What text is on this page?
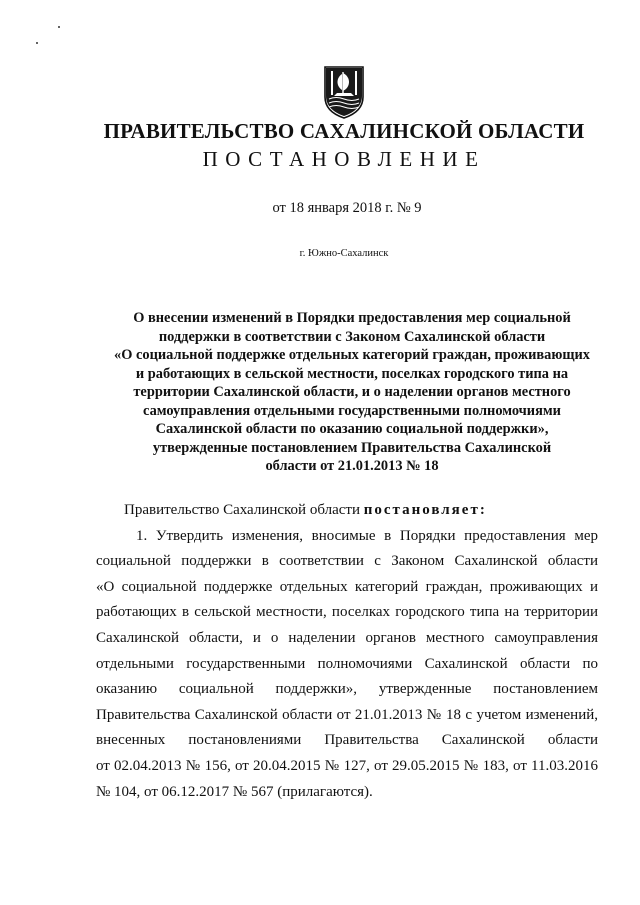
ПРАВИТЕЛЬСТВО САХАЛИНСКОЙ ОБЛАСТИ
ПОСТАНОВЛЕНИЕ
от 18 января 2018 г. № 9
г. Южно-Сахалинск
О внесении изменений в Порядки предоставления мер социальной
поддержки в соответствии с Законом Сахалинской области
«О социальной поддержке отдельных категорий граждан, проживающих
и работающих в сельской местности, поселках городского типа на
территории Сахалинской области, и о наделении органов местного
самоуправления отдельными государственными полномочиями
Сахалинской области по оказанию социальной поддержки»,
утвержденные постановлением Правительства Сахалинской
области от 21.01.2013 № 18
Правительство Сахалинской области постановляет:
1. Утвердить изменения, вносимые в Порядки предоставления мер
социальной поддержки в соответствии с Законом Сахалинской области
«О социальной поддержке отдельных категорий граждан, проживающих и
работающих в сельской местности, поселках городского типа на территории
Сахалинской области, и о наделении органов местного самоуправления
отдельными государственными полномочиями Сахалинской области по
оказанию социальной поддержки», утвержденные постановлением
Правительства Сахалинской области от 21.01.2013 № 18 с учетом изменений,
внесенных постановлениями Правительства Сахалинской области
от 02.04.2013 № 156, от 20.04.2015 № 127, от 29.05.2015 № 183, от 11.03.2016
№ 104, от 06.12.2017 № 567 (прилагаются).
